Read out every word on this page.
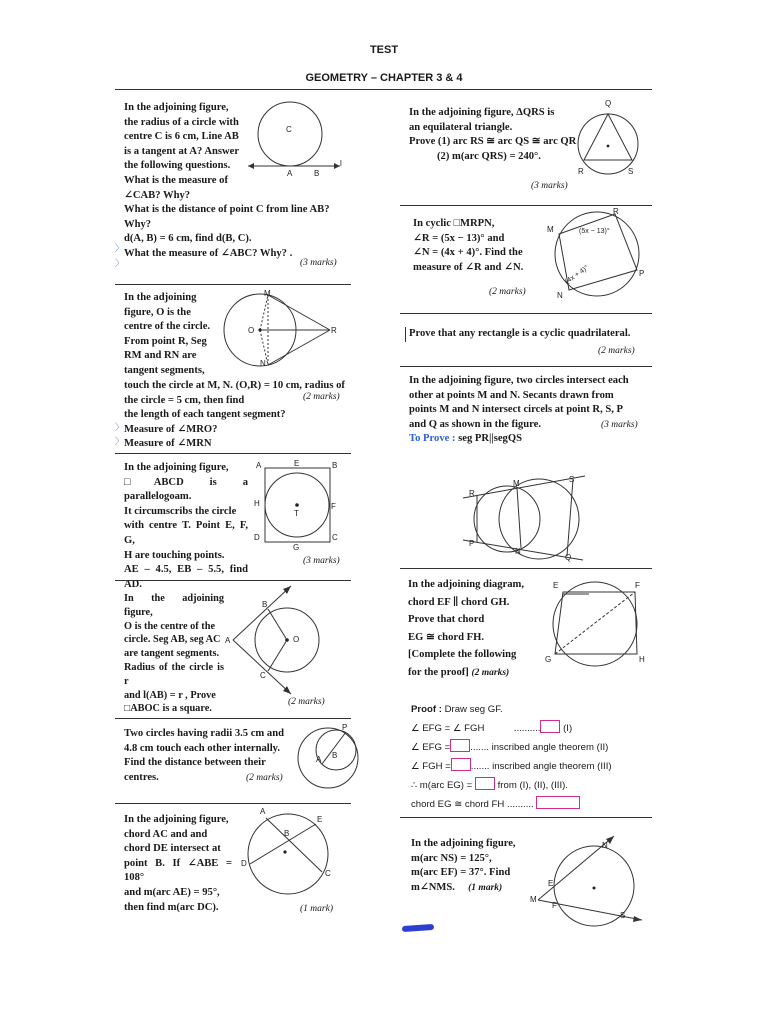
TEST
GEOMETRY – CHAPTER 3 & 4

In the adjoining figure,

the radius of a circle with

centre C is 6 cm, Line AB

is a tangent at A? Answer

the following questions.

What is the measure of

∠CAB? Why?

What is the distance of point C from line AB?

Why?

d(A, B) = 6 cm, find d(B, C).

What the measure of ∠ABC? Why? .

〉
〉	(3 marks)
C
A	B
l

In the adjoining

figure, O is the

centre of the circle.

From point R, Seg

RM and RN are

tangent segments,

touch the circle at M, N. (O,R) = 10 cm, radius of

the circle = 5 cm, then find

the length of each tangent segment?

Measure of ∠MRO?

Measure of ∠MRN

〉
〉
(2 marks)
M
O	R
N

In the adjoining figure,

□ABCD is a parallelogoam.

It circumscribs the circle

with centre T. Point E, F, G,

H are touching points.

AE – 4.5, EB – 5.5, find AD.

(3 marks)
A	E	B
H
T
F
D
G
C

In the adjoining figure,

O is the centre of the

circle. Seg AB, seg AC

are tangent segments.

Radius of the circle is r

and l(AB) = r , Prove

□ABOC is a square.

(2 marks)
B
O
A
C

Two circles having radii 3.5 cm and

4.8 cm touch each other internally.

Find the distance between their

centres.	(2 marks)
P
A B

In the adjoining figure,

chord AC and and

chord DE intersect at

point B. If ∠ABE = 108°

and m(arc AE) = 95°,

then find m(arc DC).	(1 mark)
A
E
B
D
C

In the adjoining figure, ΔQRS is

an equilateral triangle.

Prove (1) arc RS ≅ arc QS ≅ arc QR

(2) m(arc QRS) = 240°.

(3 marks)
Q
R	S

In cyclic □MRPN,

∠R = (5x − 13)° and

∠N = (4x + 4)°. Find the

measure of ∠R and ∠N.

(2 marks)
M
R
P
N
(5x − 13)°
(4x + 4)°

Prove that any rectangle is a cyclic quadrilateral.

(2 marks)

In the adjoining figure, two circles intersect each

other at points M and N. Secants drawn from

points M and N intersect circels at point R, S, P

and Q as shown in the figure.

To Prove : seg PR||segQS

(3 marks)
R
M	S
P
N
Q

In the adjoining diagram,

chord EF ∥ chord GH.

Prove that chord

EG ≅ chord FH.

[Complete the following

for the proof] (2 marks)

E	F
G	H

Proof : Draw seg GF.

∠ EFG = ∠ FGH	.......... (I)

∠ EFG = ....... inscribed angle theorem (II)

∠ FGH = ....... inscribed angle theorem (III)

∴ m(arc EG) =	from (I), (II), (III).

chord EG ≅ chord FH ..........

In the adjoining figure,

m(arc NS) = 125°,

m(arc EF) = 37°. Find

m∠NMS. (1 mark)

N
E
M
F
S
